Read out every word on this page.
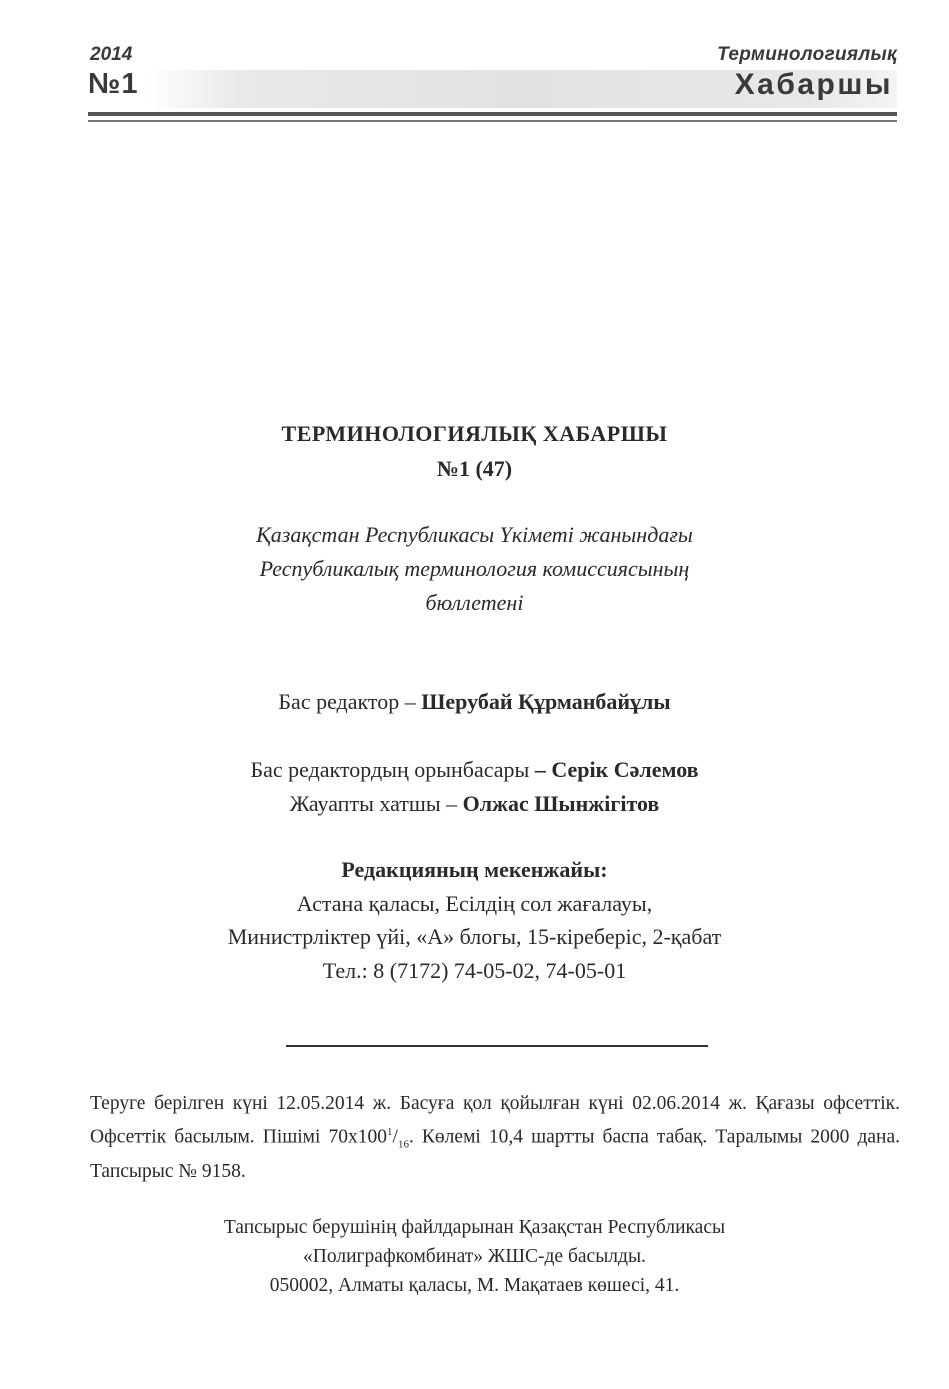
2014	Терминологиялық
№1	Хабаршы
ТЕРМИНОЛОГИЯЛЫҚ ХАБАРШЫ
№1 (47)
Қазақстан Республикасы Үкіметі жанындағы
Республикалық терминология комиссиясының
бюллетені
Бас редактор – Шерубай Құрманбайұлы
Бас редактордың орынбасары – Серік Сәлемов
Жауапты хатшы – Олжас Шынжігітов
Редакцияның мекенжайы:
Астана қаласы, Есілдің сол жағалауы,
Министрліктер үйі, «А» блогы, 15-кіреберіс, 2-қабат
Тел.: 8 (7172) 74-05-02, 74-05-01
Теруге берілген күні 12.05.2014 ж. Басуға қол қойылған күні 02.06.2014 ж. Қағазы офсеттік. Офсеттік басылым. Пішімі $70x100^1/_{16}$. Көлемі 10,4 шартты баспа табақ. Таралымы 2000 дана. Тапсырыс № 9158.
Тапсырыс берушінің файлдарынан Қазақстан Республикасы
«Полиграфкомбинат» ЖШС-де басылды.
050002, Алматы қаласы, М. Мақатаев көшесі, 41.
